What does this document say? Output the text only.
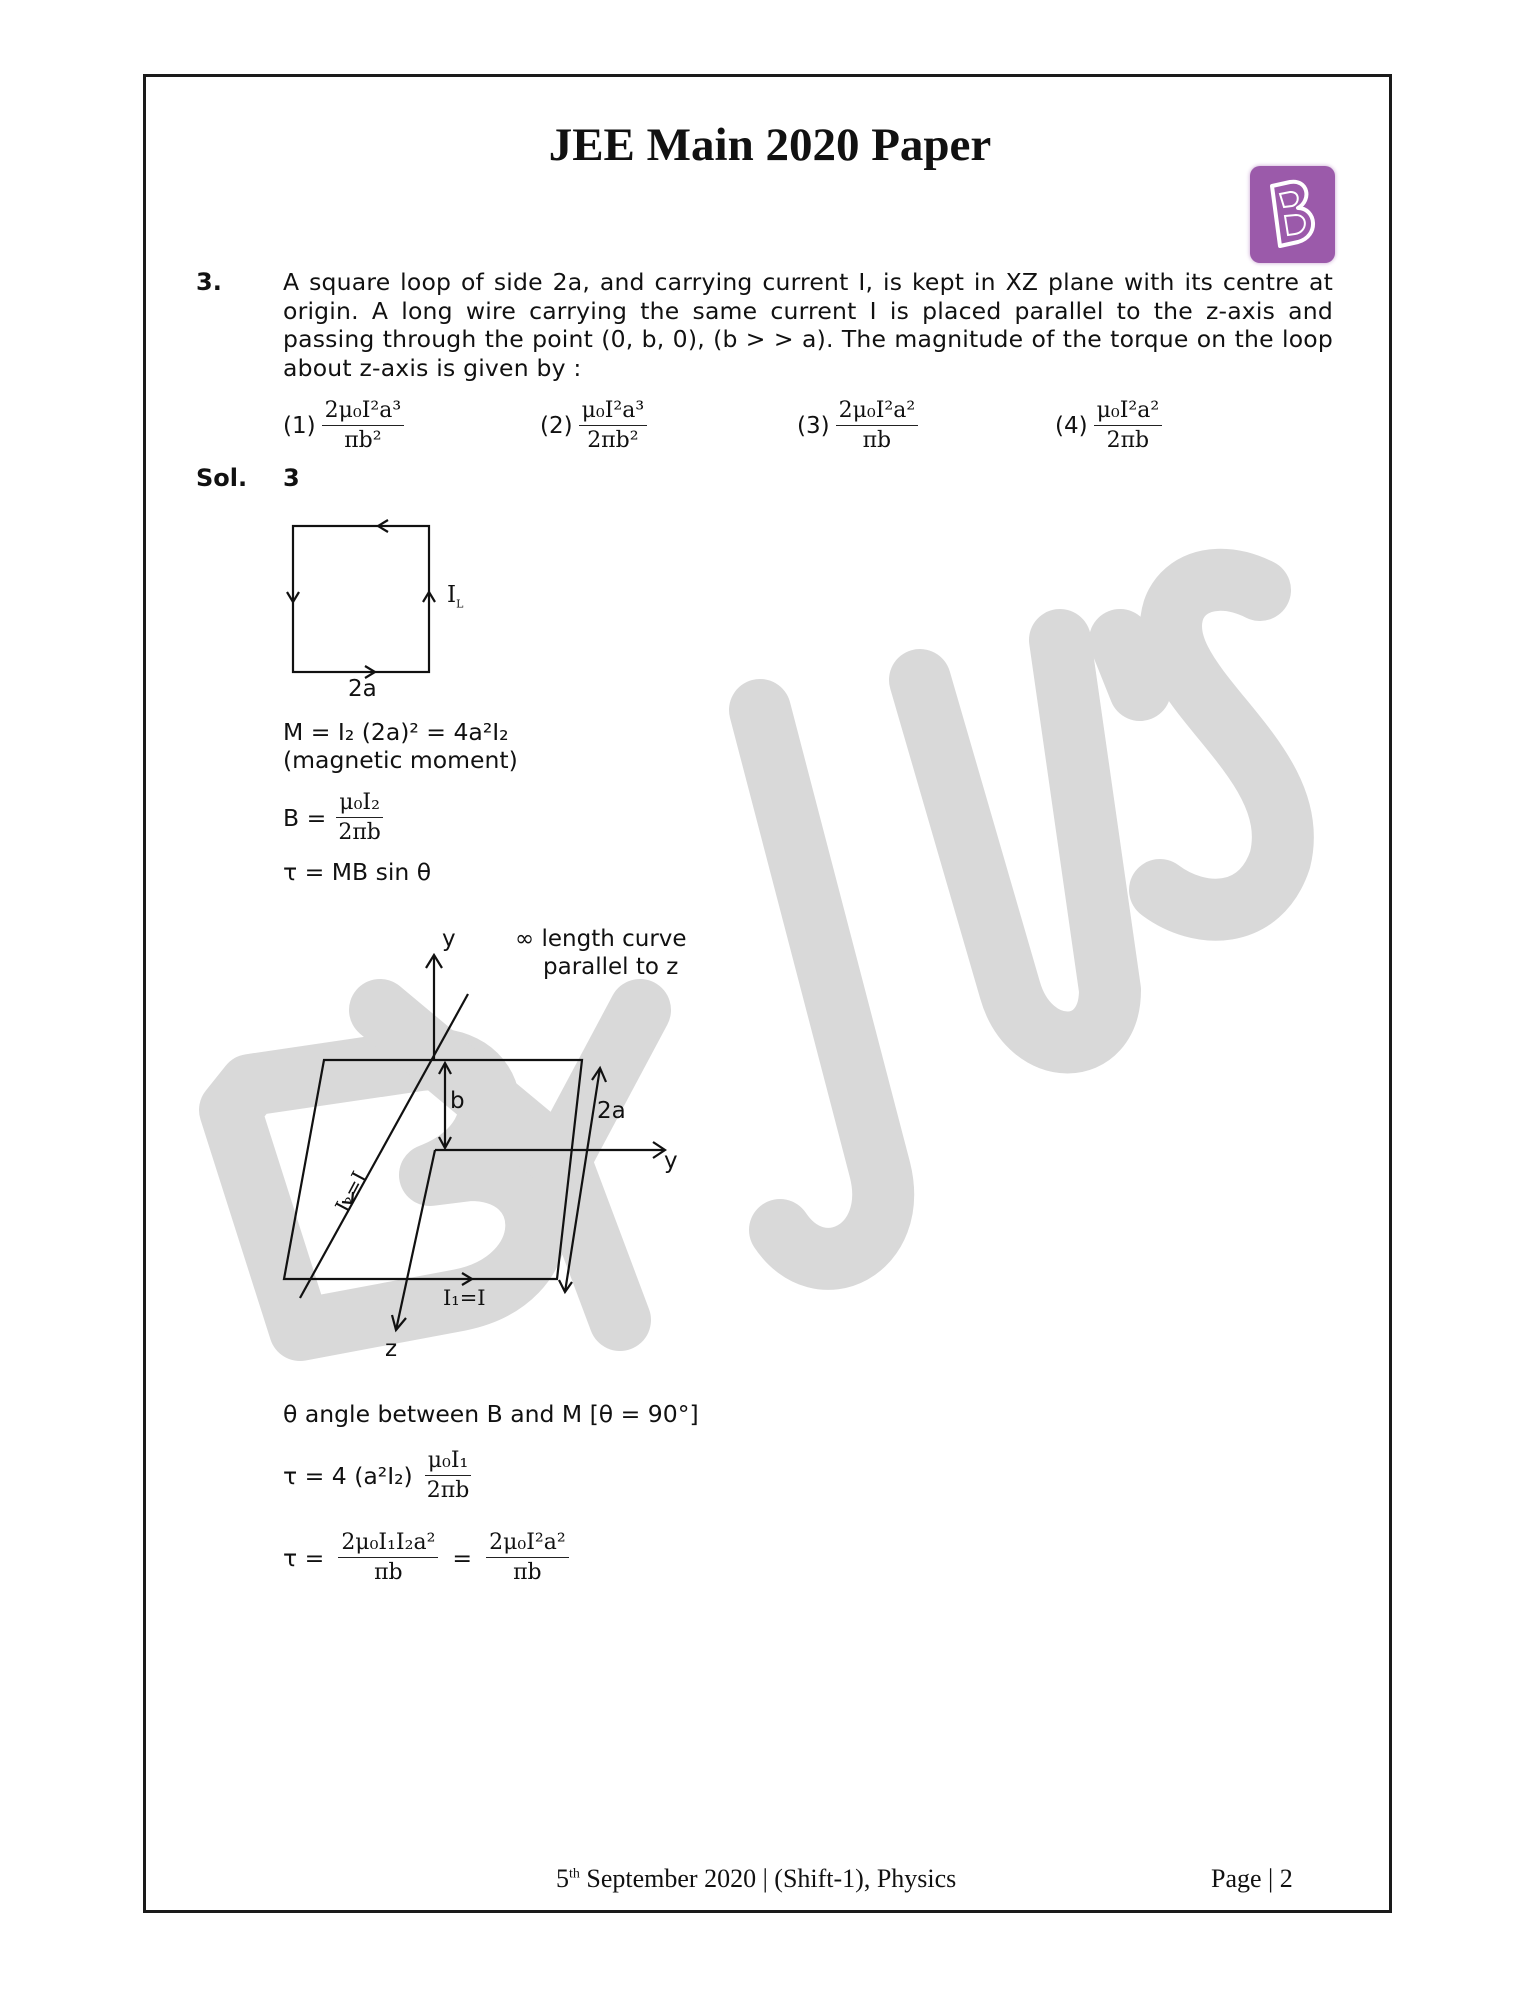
JEE Main 2020 Paper
3.	A square loop of side 2a, and carrying current I, is kept in XZ plane with its centre at origin. A long wire carrying the same current I is placed parallel to the z-axis and passing through the point (0, b, 0), (b > > a). The magnitude of the torque on the loop about z-axis is given by :
$(1) \frac{\text{2μ₀I²a³}}{\text{πb²}}$	$(2) \frac{\text{μ₀I²a³}}{\text{2πb²}}$	$(3) \frac{\text{2μ₀I²a²}}{\pi b}$	$(4) \frac{\text{μ₀I²a²}}{2\pi b}$
Sol. 3
$I_L$
2a
M = I₂ (2a)² = 4a²I₂
(magnetic moment)
$B = \frac{\text{μ₀I₂}}{2\pi b}$
τ = MB sin θ
y	∞ length curve
parallel to z
b	2a
y
I₂=I
I₁=I
z
θ angle between B and M [θ = 90°]
τ = 4 $(a^2I_2) \frac{\text{μ₀I₁}}{2\pi b}$
$\tau = \frac{\text{2μ₀I₁I₂a²}}{\pi b} = \frac{\text{2μ₀I²a²}}{\pi b}$
5th September 2020 | (Shift-1), Physics	Page | 2
